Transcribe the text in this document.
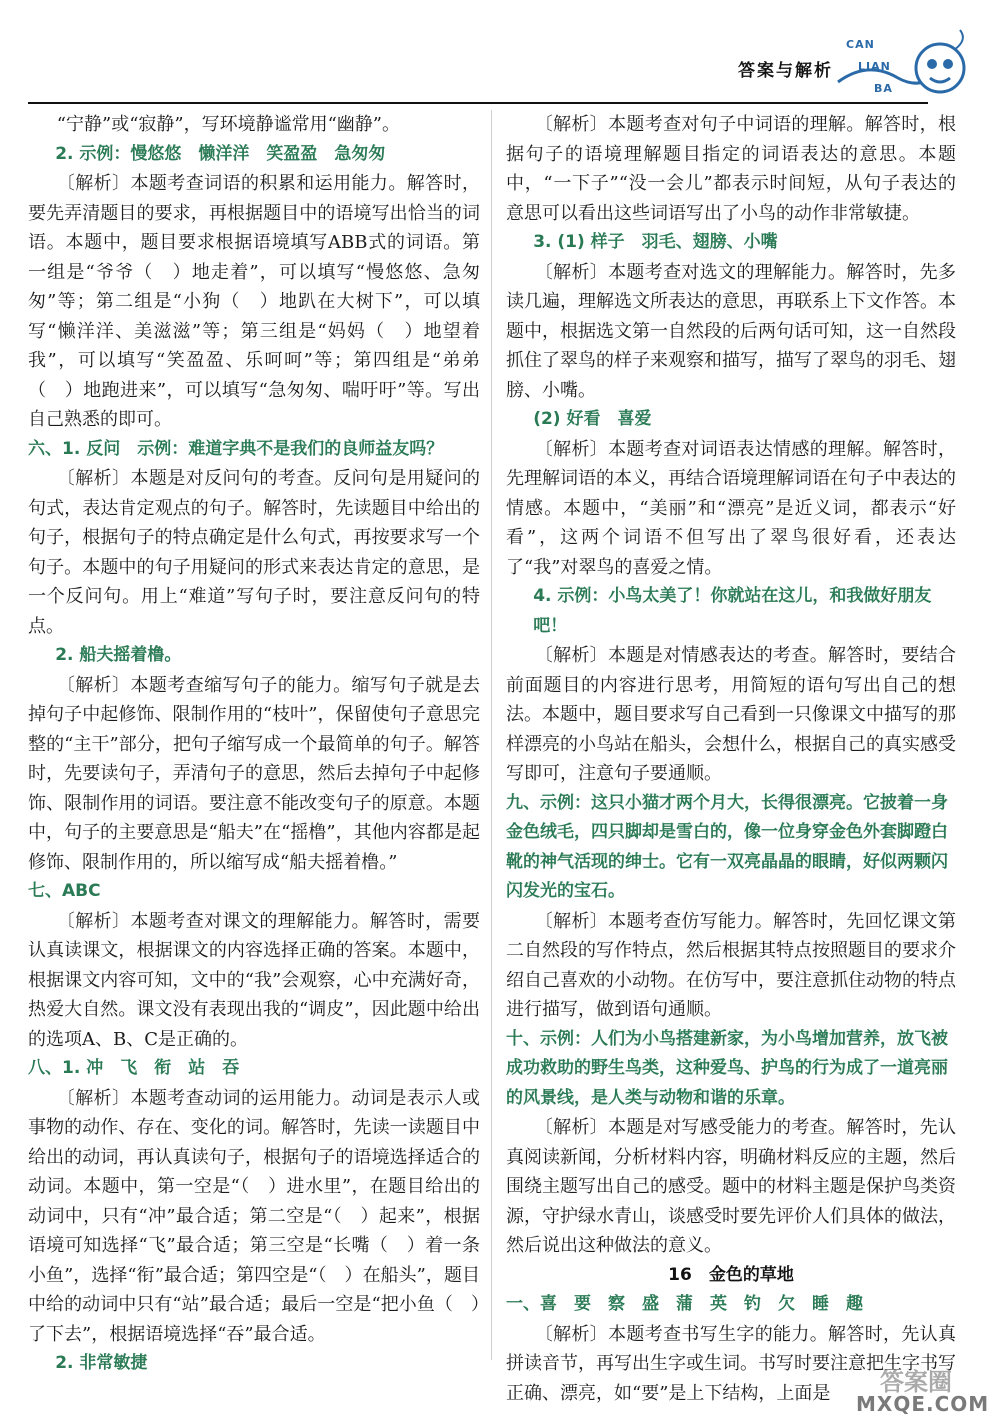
答案与解析
CAN
LIAN
BA

“宁静”或“寂静”，写环境静谧常用“幽静”。

2. 示例：慢悠悠　懒洋洋　笑盈盈　急匆匆

〔解析〕本题考查词语的积累和运用能力。解答时，要先弄清题目的要求，再根据题目中的语境写出恰当的词语。本题中，题目要求根据语境填写ABB式的词语。第一组是“爷爷（　）地走着”，可以填写“慢悠悠、急匆匆”等；第二组是“小狗（　）地趴在大树下”，可以填写“懒洋洋、美滋滋”等；第三组是“妈妈（　）地望着我”，可以填写“笑盈盈、乐呵呵”等；第四组是“弟弟（　）地跑进来”，可以填写“急匆匆、喘吁吁”等。写出自己熟悉的即可。

六、1. 反问　示例：难道字典不是我们的良师益友吗？

〔解析〕本题是对反问句的考查。反问句是用疑问的句式，表达肯定观点的句子。解答时，先读题目中给出的句子，根据句子的特点确定是什么句式，再按要求写一个句子。本题中的句子用疑问的形式来表达肯定的意思，是一个反问句。用上“难道”写句子时，要注意反问句的特点。

2. 船夫摇着橹。

〔解析〕本题考查缩写句子的能力。缩写句子就是去掉句子中起修饰、限制作用的“枝叶”，保留使句子意思完整的“主干”部分，把句子缩写成一个最简单的句子。解答时，先要读句子，弄清句子的意思，然后去掉句子中起修饰、限制作用的词语。要注意不能改变句子的原意。本题中，句子的主要意思是“船夫”在“摇橹”，其他内容都是起修饰、限制作用的，所以缩写成“船夫摇着橹。”

七、ABC

〔解析〕本题考查对课文的理解能力。解答时，需要认真读课文，根据课文的内容选择正确的答案。本题中，根据课文内容可知，文中的“我”会观察，心中充满好奇，热爱大自然。课文没有表现出我的“调皮”，因此题中给出的选项A、B、C是正确的。

八、1. 冲　飞　衔　站　吞

〔解析〕本题考查动词的运用能力。动词是表示人或事物的动作、存在、变化的词。解答时，先读一读题目中给出的动词，再认真读句子，根据句子的语境选择适合的动词。本题中，第一空是“（　）进水里”，在题目给出的动词中，只有“冲”最合适；第二空是“（　）起来”，根据语境可知选择“飞”最合适；第三空是“长嘴（　）着一条小鱼”，选择“衔”最合适；第四空是“（　）在船头”，题目中给的动词中只有“站”最合适；最后一空是“把小鱼（　）了下去”，根据语境选择“吞”最合适。

2. 非常敏捷

〔解析〕本题考查对句子中词语的理解。解答时，根据句子的语境理解题目指定的词语表达的意思。本题中，“一下子”“没一会儿”都表示时间短，从句子表达的意思可以看出这些词语写出了小鸟的动作非常敏捷。

3. (1) 样子　羽毛、翅膀、小嘴

〔解析〕本题考查对选文的理解能力。解答时，先多读几遍，理解选文所表达的意思，再联系上下文作答。本题中，根据选文第一自然段的后两句话可知，这一自然段抓住了翠鸟的样子来观察和描写，描写了翠鸟的羽毛、翅膀、小嘴。

(2) 好看　喜爱

〔解析〕本题考查对词语表达情感的理解。解答时，先理解词语的本义，再结合语境理解词语在句子中表达的情感。本题中，“美丽”和“漂亮”是近义词，都表示“好看”，这两个词语不但写出了翠鸟很好看，还表达了“我”对翠鸟的喜爱之情。

4. 示例：小鸟太美了！你就站在这儿，和我做好朋友吧！

〔解析〕本题是对情感表达的考查。解答时，要结合前面题目的内容进行思考，用简短的语句写出自己的想法。本题中，题目要求写自己看到一只像课文中描写的那样漂亮的小鸟站在船头，会想什么，根据自己的真实感受写即可，注意句子要通顺。

九、示例：这只小猫才两个月大，长得很漂亮。它披着一身金色绒毛，四只脚却是雪白的，像一位身穿金色外套脚蹬白靴的神气活现的绅士。它有一双亮晶晶的眼睛，好似两颗闪闪发光的宝石。

〔解析〕本题考查仿写能力。解答时，先回忆课文第二自然段的写作特点，然后根据其特点按照题目的要求介绍自己喜欢的小动物。在仿写中，要注意抓住动物的特点进行描写，做到语句通顺。

十、示例：人们为小鸟搭建新家，为小鸟增加营养，放飞被成功救助的野生鸟类，这种爱鸟、护鸟的行为成了一道亮丽的风景线，是人类与动物和谐的乐章。

〔解析〕本题是对写感受能力的考查。解答时，先认真阅读新闻，分析材料内容，明确材料反应的主题，然后围绕主题写出自己的感受。题中的材料主题是保护鸟类资源，守护绿水青山，谈感受时要先评价人们具体的做法，然后说出这种做法的意义。

16　金色的草地

一、喜　要　察　盛　蒲　英　钓　欠　睡　趣

〔解析〕本题考查书写生字的能力。解答时，先认真拼读音节，再写出生字或生词。书写时要注意把生字书写正确、漂亮，如“要”是上下结构，上面是	答案圈
MXQE.COM
